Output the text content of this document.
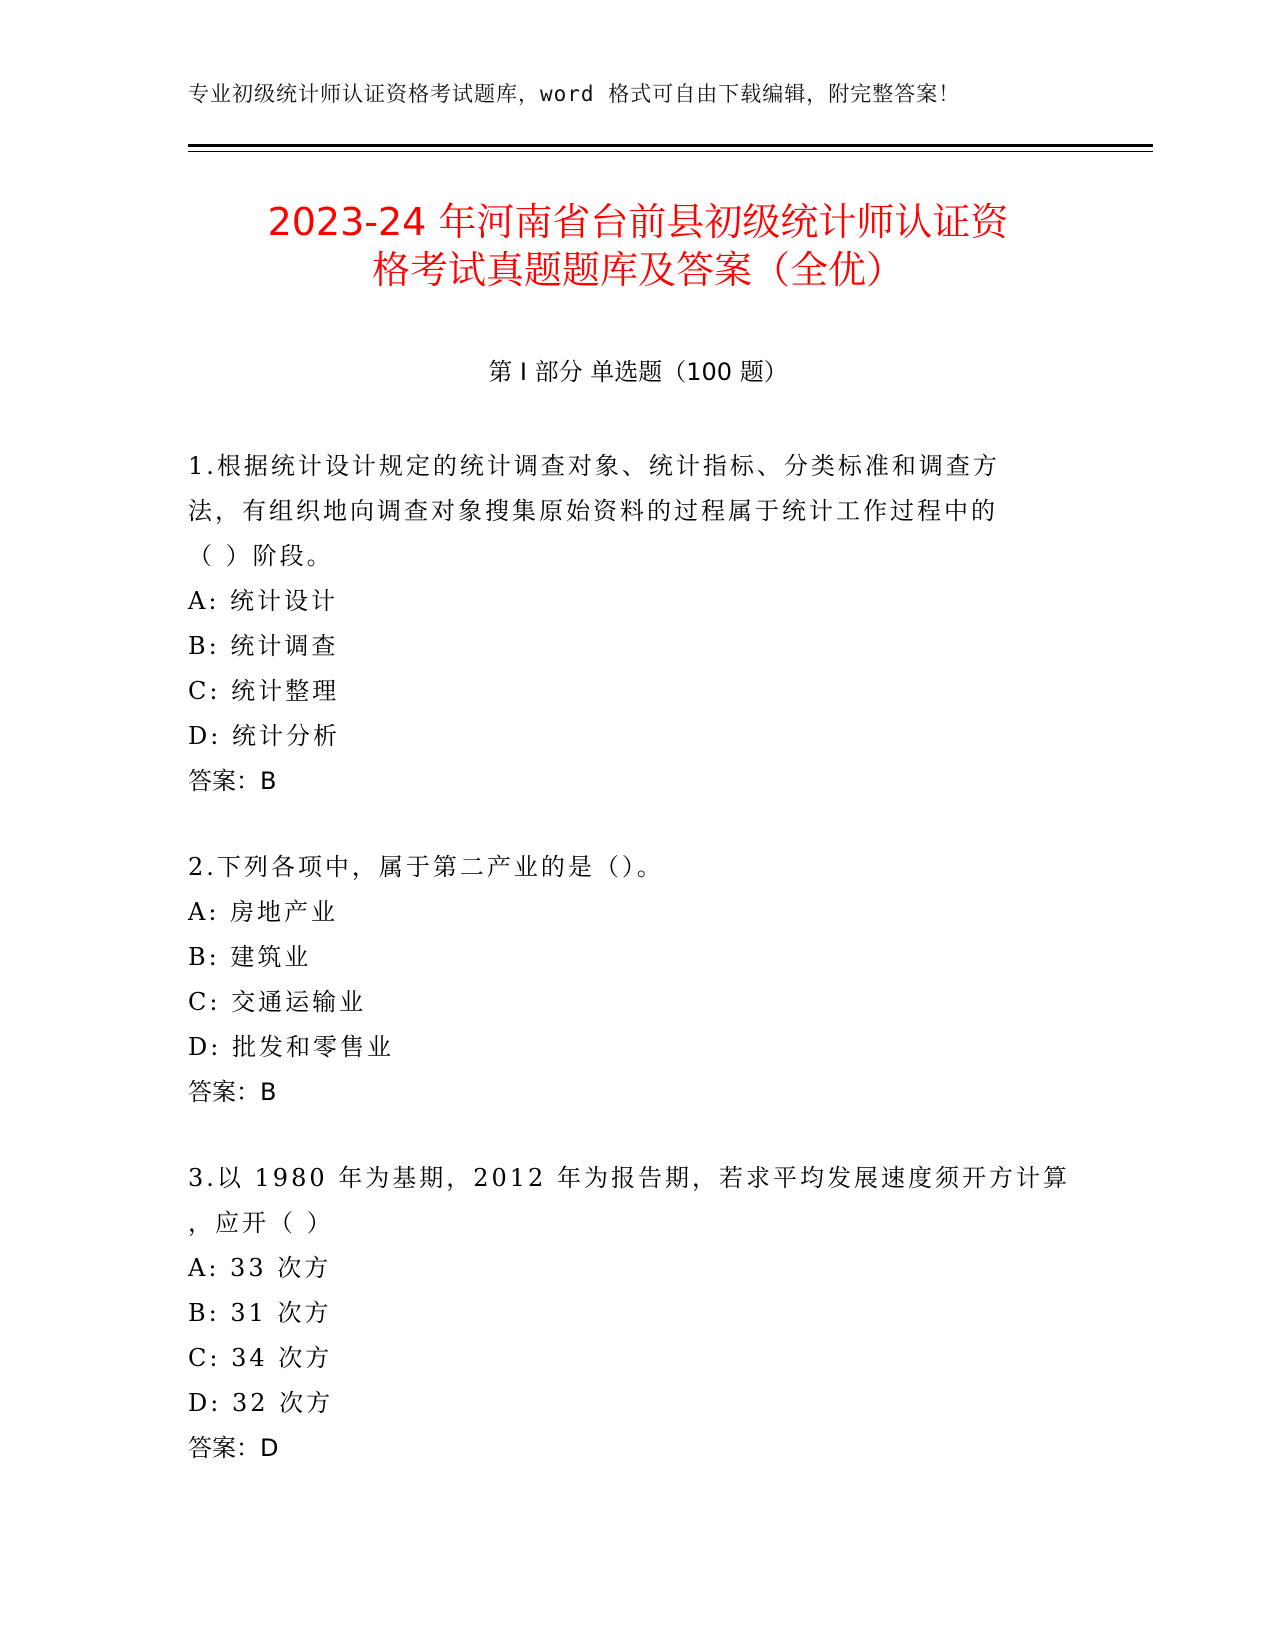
专业初级统计师认证资格考试题库，word 格式可自由下载编辑，附完整答案！
2023-24 年河南省台前县初级统计师认证资
格考试真题题库及答案（全优）
第 I 部分 单选题（100 题）

1.根据统计设计规定的统计调查对象、统计指标、分类标准和调查方

法，有组织地向调查对象搜集原始资料的过程属于统计工作过程中的

（ ）阶段。

A: 统计设计
B: 统计调查
C: 统计整理
D: 统计分析
答案：B

2.下列各项中，属于第二产业的是（）。

A: 房地产业
B: 建筑业
C: 交通运输业
D: 批发和零售业
答案：B

3.以 1980 年为基期，2012 年为报告期，若求平均发展速度须开方计算

，应开（ ）

A: 33 次方
B: 31 次方
C: 34 次方
D: 32 次方
答案：D
